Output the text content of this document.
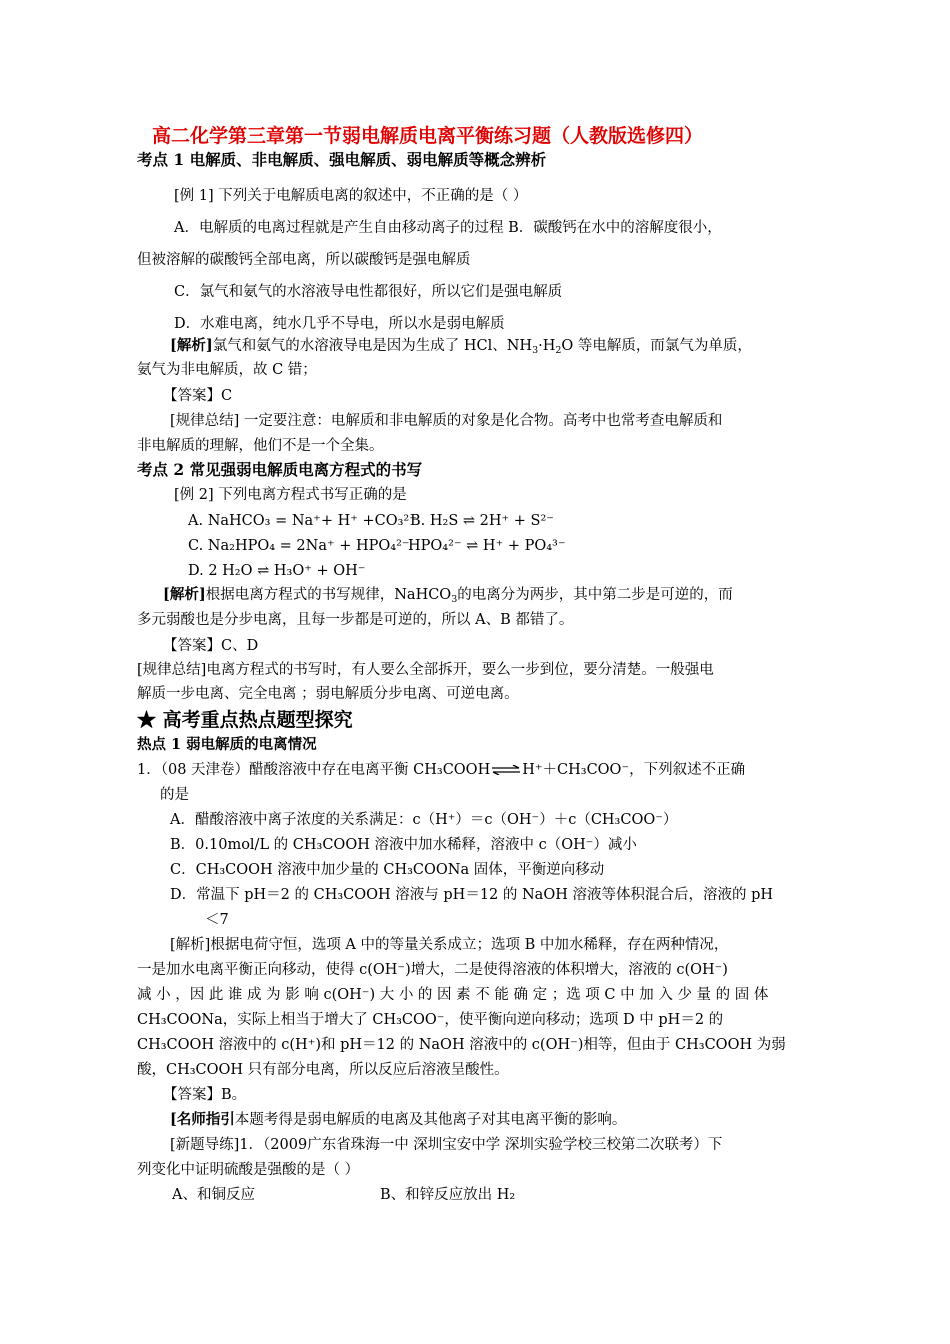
高二化学第三章第一节弱电解质电离平衡练习题（人教版选修四）
考点 1 电解质、非电解质、强电解质、弱电解质等概念辨析
[例 1] 下列关于电解质电离的叙述中，不正确的是（ ）
A．电解质的电离过程就是产生自由移动离子的过程 B．碳酸钙在水中的溶解度很小，
但被溶解的碳酸钙全部电离，所以碳酸钙是强电解质
C．氯气和氨气的水溶液导电性都很好，所以它们是强电解质
D．水难电离，纯水几乎不导电，所以水是弱电解质
[解析]氯气和氨气的水溶液导电是因为生成了 HCl、$NH_3\cdot H_2O$ 等电解质，而氯气为单质，
氨气为非电解质，故 C 错；
【答案】C
[规律总结] 一定要注意：电解质和非电解质的对象是化合物。高考中也常考查电解质和
非电解质的理解，他们不是一个全集。
考点 2 常见强弱电解质电离方程式的书写
[例 2] 下列电离方程式书写正确的是
A. NaHCO₃ = Na⁺+ H⁺ +CO₃²⁻
B. H₂S ⇌ 2H⁺ + S²⁻
C. Na₂HPO₄ = 2Na⁺ + HPO₄²⁻
HPO₄²⁻ ⇌ H⁺ + PO₄³⁻
D. 2 H₂O ⇌ H₃O⁺ + OH⁻
[解析]根据电离方程式的书写规律，NaHCO$_3$的电离分为两步，其中第二步是可逆的，而
多元弱酸也是分步电离，且每一步都是可逆的，所以 A、B 都错了。
【答案】C、D
[规律总结]电离方程式的书写时，有人要么全部拆开，要么一步到位，要分清楚。一般强电
解质一步电离、完全电离 ；弱电解质分步电离、可逆电离。
★ 高考重点热点题型探究
热点 1 弱电解质的电离情况
1．（08 天津卷）醋酸溶液中存在电离平衡 CH₃COOH ⇌ H⁺＋CH₃COO⁻，下列叙述不正确
的是
A．醋酸溶液中离子浓度的关系满足：c（H⁺）＝c（OH⁻）＋c（CH₃COO⁻）
B．0.10mol/L 的 CH₃COOH 溶液中加水稀释，溶液中 c（OH⁻）减小
C．CH₃COOH 溶液中加少量的 CH₃COONa 固体，平衡逆向移动
D．常温下 pH＝2 的 CH₃COOH 溶液与 pH＝12 的 NaOH 溶液等体积混合后，溶液的 pH
＜7
[解析]根据电荷守恒，选项 A 中的等量关系成立；选项 B 中加水稀释，存在两种情况，
一是加水电离平衡正向移动，使得 c(OH⁻)增大，二是使得溶液的体积增大，溶液的 c(OH⁻)
减 小 ，因 此 谁 成 为 影 响 c(OH⁻) 大 小 的 因 素 不 能 确 定 ；选 项 C 中 加 入 少 量 的 固 体
CH₃COONa，实际上相当于增大了 CH₃COO⁻，使平衡向逆向移动；选项 D 中 pH＝2 的
CH₃COOH 溶液中的 c(H⁺)和 pH＝12 的 NaOH 溶液中的 c(OH⁻)相等，但由于 CH₃COOH 为弱
酸，CH₃COOH 只有部分电离，所以反应后溶液呈酸性。
【答案】B。
[名师指引本题考得是弱电解质的电离及其他离子对其电离平衡的影响。
[新题导练]1．（2009广东省珠海一中 深圳宝安中学 深圳实验学校三校第二次联考）下
列变化中证明硫酸是强酸的是（ ）
A、和铜反应	B、和锌反应放出 H₂
